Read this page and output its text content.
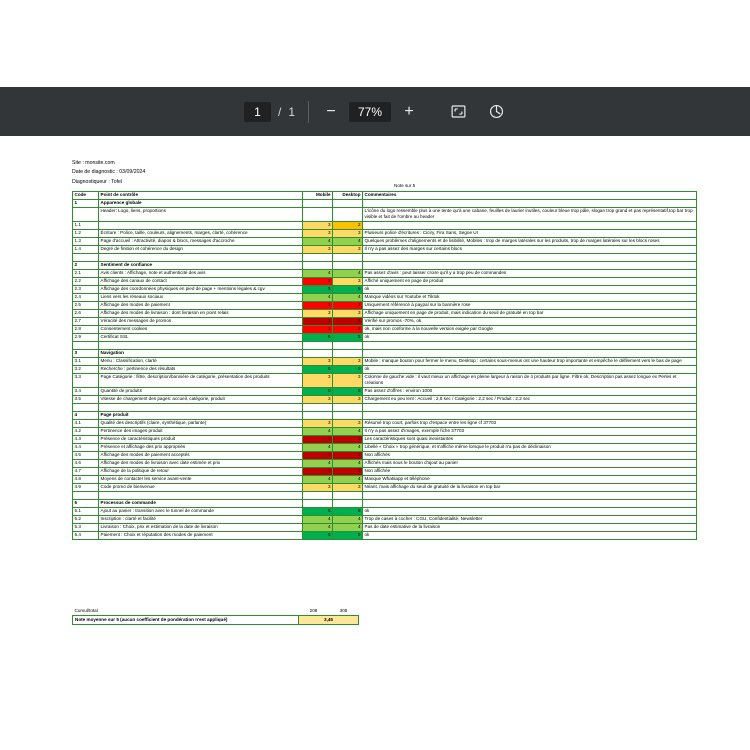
1	/ 1 −	77%	+
Site : monsite.com
Date de diagnostic : 03/09/2024
Diagnostiqueur : Tofel
Code	Point de contrôle	Mobile	Desktop	Commentaires
1	Apparence globale			
	Header: Logo, liens, proportions			L'icône du logo ressemble plus à une tente qu'à une cabane, feuilles de laurier inutiles, couleur bleue trop pâle, slogan trop grand et pas représentatif,top bar trop visible et fait de l'ombre au header
1.1		3	2	
1.2	Écriture : Police, taille, couleurs, alignements, marges, clarté, cohérence	3	3	Plusieurs police d'écritures : Ciciry, Fira Sans, Segoe UI
1.3	Page d'accueil : Attractivité, diapos & blocs, messages d'accroche	4	4	Quelques problèmes d'alignements et de lisibilité, Mobiles : trop de marges latérales sur les produits, trop de marges latérales sur les blocs roses
1.4	Degré de finition et cohérence du design	3	3	Il n'y a pas assez des marges sur certains blocs

2	Sentiment de confiance			
2.1	Avis clients : Affichage, note et authenticité des avis	4	4	Pas assez d'avis : peut laisser croire qu'il y a trop peu de commandes
2.2	Affichage des canaux de contact	2	3	Affiché uniquement en page de produit
2.3	Affichage des coordonnées physiques en pied de page + mentions légales & cgv	5	5	ok
2.4	Liens vers les réseaux sociaux	4	4	Manque vidéos sur Youtube et Tiktok
2.5	Affichage des modes de paiement	2	2	Uniquement référencé à paypal sur la bannière rose
2.6	Affichage des modes de livraison : dont livraison en point relais	3	3	Affichage uniquement en page de produit, mais indication du seuil de gratuité en top bar
2.7	Véracité des messages de promos	1	1	Vérifié sur promos -70%, ok
2.8	Consentement cookies	2	2	ok, mais non conforme à la nouvelle version exigée par Google
2.9	Certificat SSL	5	5	ok

3	Navigation			
3.1	Menu : Classification, clarté	3	3	Mobile : manque bouton pour fermer le menu, Desktop : certains sous-menus ont une hauteur trop importante et empêche le défilement vers le bas de page
3.2	Recherche : pertinence des résultats	5	5	ok
3.3	Page Catégorie : filtre, description/bannière de catégorie, présentation des produits	3	3	Colonne de gauche vide : il vaut mieux un affichage en pleine largeur à raison de 4 produits par ligne. Filtre ok, Description pas assez longue ex Perles et créations
3.4	Quantité de produits	5	5	Pas assez d'offres : environ 1000
3.5	Vitesse de chargement des pages: accueil, catégorie, produit	3	3	Chargement eu peu lent : Accueil : 2,8 sec / Catégorie : 2,2 sec / Produit : 2,2 sec

4	Page produit			
4.1	Qualité des descriptifs (claire, synthétique, parlante)	3	3	Résumé trop court, parfois trop d'espace entre les ligne cf 37703
4.2	Pertinence des images produit	4	4	Il n'y a pas assez d'images, exemple fiche 37703
4.3	Présence de caractéristiques produit	1	1	Les caractéristiques sont quasi inexistantes
4.4	Présence et affichage des prix appropriés	4	4	Libellé « Choix » trop générique, et s'affiche même lorsque le produit n'a pas de déclinaison
4.5	Affichage des modes de paiement acceptés	1	1	Non affichés
4.6	Affichage des modes de livraison avec date estimée et prix	4	4	Affichés mais sous le bouton d'ajout au panier
4.7	Affichage de la politique de retour	1	1	Non affichée
4.8	Moyens de contacter les service avant-vente	4	4	Manque Whatsapp et téléphone
4.9	Code promo de bienvenue	3	3	Néant, mais affichage du seuil de gratuité de la livraison en top bar

5	Processus de commande			
5.1	Ajout au panier : transition avec le tunnel de commande	5	5	ok
5.2	Inscription : clarté et facilité	4	4	Trop de cases à cocher : CGU, Confidentialité, Newsletter
5.3	Livraison : Choix, prix et estimation de la date de livraison	4	4	Pas de date estimative de la livraison
5.4	Paiement : Choix et réputation des modes de paiement	5	5	ok
Note sur 5
Cumul/total	208	305	
Note moyenne sur 5 (aucun coefficient de pondération n'est appliqué)	3,45		
